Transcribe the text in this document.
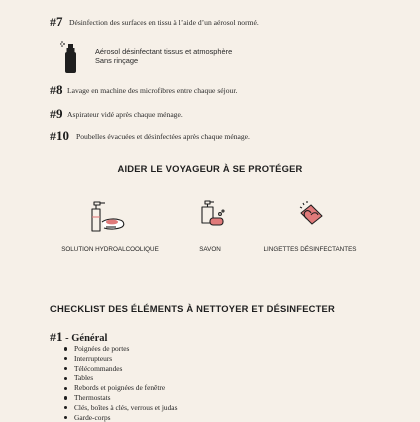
#7 Désinfection des surfaces en tissu à l’aide d’un aérosol normé.
Aérosol désinfectant tissus et atmosphère
Sans rinçage
#8 Lavage en machine des microfibres entre chaque séjour.
#9 Aspirateur vidé après chaque ménage.
#10 Poubelles évacuées et désinfectées après chaque ménage.
AIDER LE VOYAGEUR À SE PROTÉGER
SOLUTION HYDROALCOOLIQUE	SAVON	LINGETTES DÉSINFECTANTES
CHECKLIST DES ÉLÉMENTS À NETTOYER ET DÉSINFECTER
#1 - Général
Poignées de portes
Interrupteurs
Télécommandes
Tables
Rebords et poignées de fenêtre
Thermostats
Clés, boîtes à clés, verrous et judas
Garde-corps
